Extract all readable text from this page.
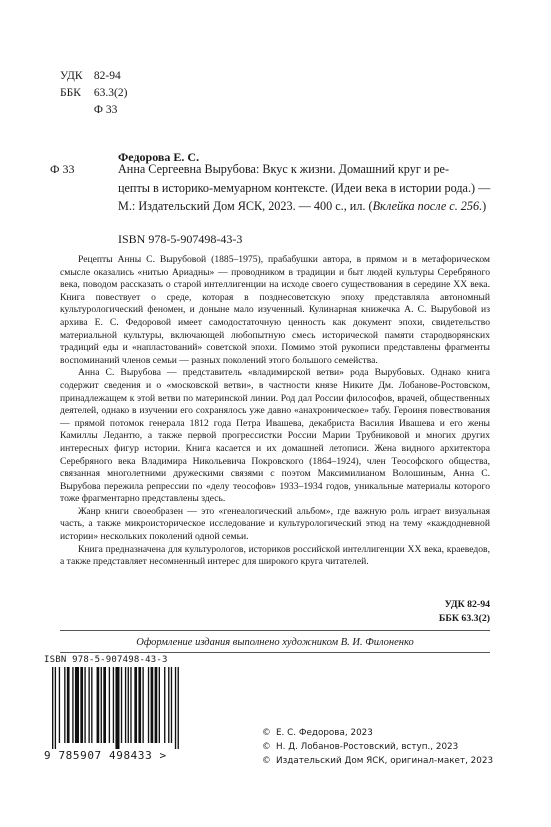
УДК 82-94
ББК 63.3(2)
Ф 33
Федорова Е. С.
Ф 33	Анна Сергеевна Вырубова: Вкус к жизни. Домашний круг и ре-
цепты в историко-мемуарном контексте. (Идеи века в истории рода.) —
М.: Издательский Дом ЯСК, 2023. — 400 с., ил. (Вклейка после с. 256.)
ISBN 978-5-907498-43-3

Рецепты Анны С. Вырубовой (1885–1975), прабабушки автора, в прямом и в метафорическом смысле оказались «нитью Ариадны» — проводником в традиции и быт людей культуры Серебряного века, поводом рассказать о старой интеллигенции на исходе своего существования в середине XX века. Книга повествует о среде, которая в позднесоветскую эпоху представляла автономный культурологический феномен, и доныне мало изученный. Кулинарная книжечка А. С. Вырубовой из архива Е. С. Федоровой имеет самодостаточную ценность как документ эпохи, свидетельство материальной культуры, включающей любопытную смесь исторической памяти стародворянских традиций еды и «напластований» советской эпохи. Помимо этой рукописи представлены фрагменты воспоминаний членов семьи — разных поколений этого большого семейства.

Анна С. Вырубова — представитель «владимирской ветви» рода Вырубовых. Однако книга содержит сведения и о «московской ветви», в частности князе Никите Дм. Лобанове-Ростовском, принадлежащем к этой ветви по материнской линии. Род дал России философов, врачей, общественных деятелей, однако в изучении его сохранялось уже давно «анахроническое» табу. Героиня повествования — прямой потомок генерала 1812 года Петра Ивашева, декабриста Василия Ивашева и его жены Камиллы Ледантю, а также первой прогрессистки России Марии Трубниковой и многих других интересных фигур истории. Книга касается и их домашней летописи. Жена видного архитектора Серебряного века Владимира Никольевича Покровского (1864–1924), член Теософского общества, связанная многолетними дружескими связями с поэтом Максимилианом Волошиным, Анна С. Вырубова пережила репрессии по «делу теософов» 1933–1934 годов, уникальные материалы которого тоже фрагментарно представлены здесь.

Жанр книги своеобразен — это «генеалогический альбом», где важную роль играет визуальная часть, а также микроисторическое исследование и культурологический этюд на тему «каждодневной истории» нескольких поколений одной семьи.

Книга предназначена для культурологов, историков российской интеллигенции XX века, краеведов, а также представляет несомненный интерес для широкого круга читателей.

УДК 82-94
ББК 63.3(2)
Оформление издания выполнено художником В. И. Филоненко
ISBN 978-5-907498-43-3
9 785907 498433 >
© Е. С. Федорова, 2023
© Н. Д. Лобанов-Ростовский, вступ., 2023
© Издательский Дом ЯСК, оригинал-макет, 2023
